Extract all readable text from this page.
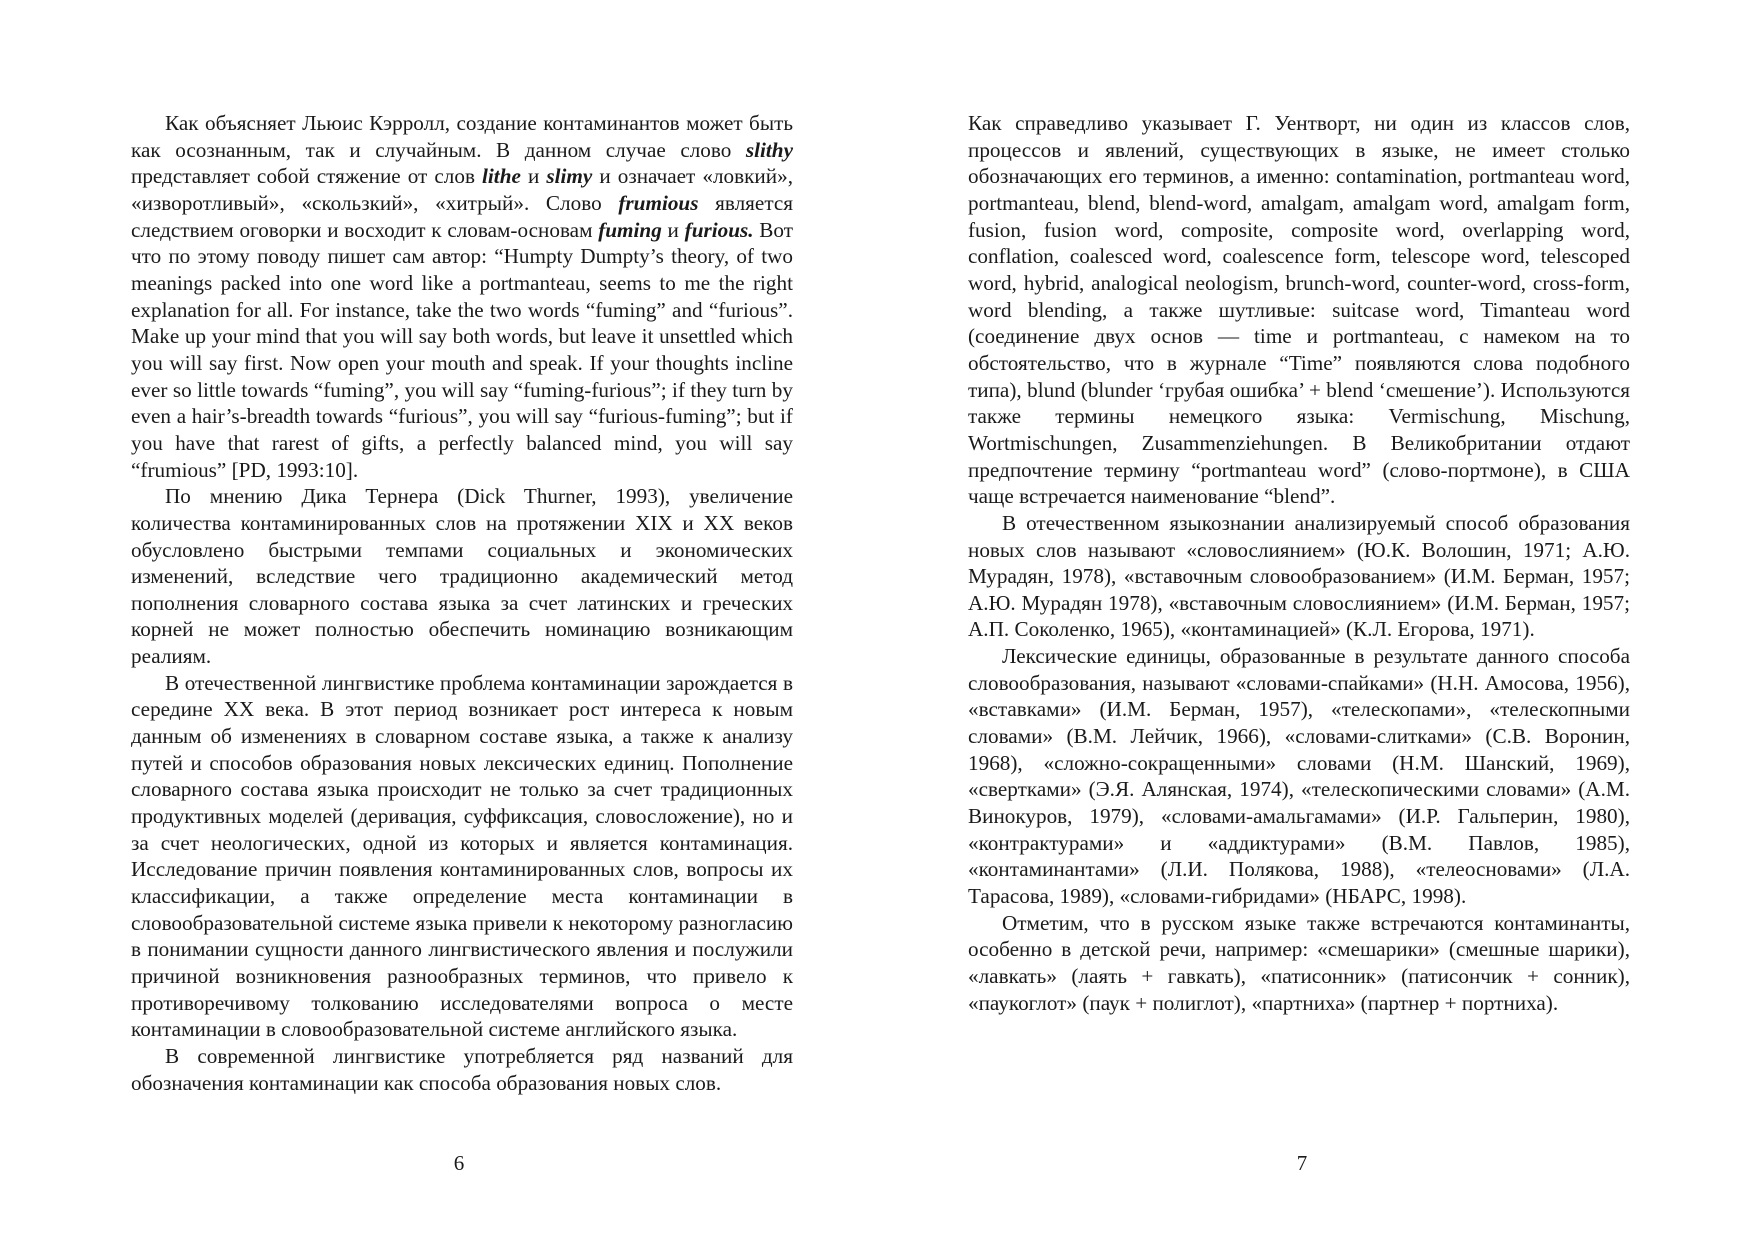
Как объясняет Льюис Кэрролл, создание контаминантов может быть как осознанным, так и случайным. В данном случае слово slithy представляет собой стяжение от слов lithe и slimy и означает «ловкий», «изворотливый», «скользкий», «хитрый». Слово frumious является следствием оговорки и восходит к словам-основам fuming и furious. Вот что по этому поводу пишет сам автор: “Humpty Dumpty’s theory, of two meanings packed into one word like a portmanteau, seems to me the right explanation for all. For instance, take the two words “fuming” and “furious”. Make up your mind that you will say both words, but leave it unsettled which you will say first. Now open your mouth and speak. If your thoughts incline ever so little towards “fuming”, you will say “fuming-furious”; if they turn by even a hair’s-breadth towards “furious”, you will say “furious-fuming”; but if you have that rarest of gifts, a perfectly balanced mind, you will say “frumious” [PD, 1993:10].

По мнению Дика Тернера (Dick Thurner, 1993), увеличение количества контаминированных слов на протяжении XIX и XX веков обусловлено быстрыми темпами социальных и экономических изменений, вследствие чего традиционно академический метод пополнения словарного состава языка за счет латинских и греческих корней не может полностью обеспечить номинацию возникающим реалиям.

В отечественной лингвистике проблема контаминации зарождается в середине XX века. В этот период возникает рост интереса к новым данным об изменениях в словарном составе языка, а также к анализу путей и способов образования новых лексических единиц. Пополнение словарного состава языка происходит не только за счет традиционных продуктивных моделей (деривация, суффиксация, словосложение), но и за счет неологических, одной из которых и является контаминация. Исследование причин появления контаминированных слов, вопросы их классификации, а также определение места контаминации в словообразовательной системе языка привели к некоторому разногласию в понимании сущности данного лингвистического явления и послужили причиной возникновения разнообразных терминов, что привело к противоречивому толкованию исследователями вопроса о месте контаминации в словообразовательной системе английского языка.

В современной лингвистике употребляется ряд названий для обозначения контаминации как способа образования новых слов.

Как справедливо указывает Г. Уентворт, ни один из классов слов, процессов и явлений, существующих в языке, не имеет столько обозначающих его терминов, а именно: contamination, portmanteau word, portmanteau, blend, blend-word, amalgam, amalgam word, amalgam form, fusion, fusion word, composite, composite word, overlapping word, conflation, coalesced word, coalescence form, telescope word, telescoped word, hybrid, analogical neologism, brunch-word, counter-word, cross-form, word blending, а также шутливые: suitcase word, Timanteau word (соединение двух основ — time и portmanteau, с намеком на то обстоятельство, что в журнале “Time” появляются слова подобного типа), blund (blunder ‘грубая ошибка’ + blend ‘смешение’). Используются также термины немецкого языка: Vermischung, Mischung, Wortmischungen, Zusammenziehungen. В Великобритании отдают предпочтение термину “portmanteau word” (слово-портмоне), в США чаще встречается наименование “blend”.

В отечественном языкознании анализируемый способ образования новых слов называют «словослиянием» (Ю.К. Волошин, 1971; А.Ю. Мурадян, 1978), «вставочным словообразованием» (И.М. Берман, 1957; А.Ю. Мурадян 1978), «вставочным словослиянием» (И.М. Берман, 1957; А.П. Соколенко, 1965), «контаминацией» (К.Л. Егорова, 1971).

Лексические единицы, образованные в результате данного способа словообразования, называют «словами-спайками» (Н.Н. Амосова, 1956), «вставками» (И.М. Берман, 1957), «телескопами», «телескопными словами» (В.М. Лейчик, 1966), «словами-слитками» (С.В. Воронин, 1968), «сложно-сокращенными» словами (Н.М. Шанский, 1969), «свертками» (Э.Я. Алянская, 1974), «телескопическими словами» (А.М. Винокуров, 1979), «словами-амальгамами» (И.Р. Гальперин, 1980), «контрактурами» и «аддиктурами» (В.М. Павлов, 1985), «контаминантами» (Л.И. Полякова, 1988), «телеосновами» (Л.А. Тарасова, 1989), «словами-гибридами» (НБАРС, 1998).

Отметим, что в русском языке также встречаются контаминанты, особенно в детской речи, например: «смешарики» (смешные шарики), «лавкать» (лаять + гавкать), «патисонник» (патисончик + сонник), «паукоглот» (паук + полиглот), «партниха» (партнер + портниха).

6	7
